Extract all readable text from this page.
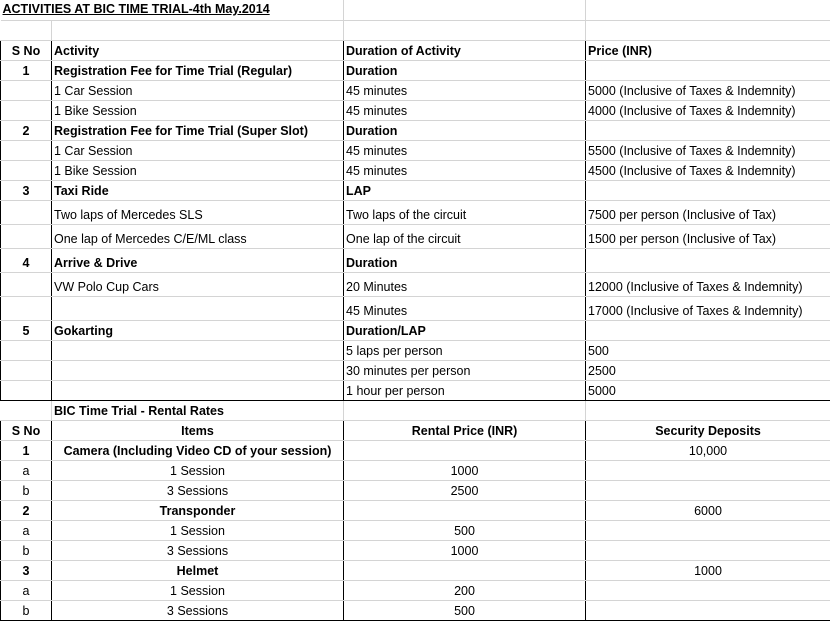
ACTIVITIES AT BIC TIME TRIAL-4th May.2014			

S No	Activity	Duration of Activity	Price (INR)
1	Registration Fee for Time Trial (Regular)	Duration	
	1 Car Session	45 minutes	5000 (Inclusive of Taxes & Indemnity)
	1 Bike Session	45 minutes	4000 (Inclusive of Taxes & Indemnity)
2	Registration Fee for Time Trial (Super Slot)	Duration	
	1 Car Session	45 minutes	5500 (Inclusive of Taxes & Indemnity)
	1 Bike Session	45 minutes	4500 (Inclusive of Taxes & Indemnity)
3	Taxi Ride	LAP	
	Two laps of Mercedes SLS	Two laps of the circuit	7500 per person (Inclusive of Tax)
	One lap of Mercedes C/E/ML class	One lap of the circuit	1500 per person (Inclusive of Tax)
4	Arrive & Drive	Duration	
	VW Polo Cup Cars	20 Minutes	12000 (Inclusive of Taxes & Indemnity)
		45 Minutes	17000 (Inclusive of Taxes & Indemnity)
5	Gokarting	Duration/LAP	
		5 laps per person	500
		30 minutes per person	2500
		1 hour per person	5000
	BIC Time Trial - Rental Rates		
S No	Items	Rental Price (INR)	Security Deposits
1	Camera (Including Video CD of your session)		10,000
a	1 Session	1000	
b	3 Sessions	2500	
2	Transponder		6000
a	1 Session	500	
b	3 Sessions	1000	
3	Helmet		1000
a	1 Session	200	
b	3 Sessions	500	
